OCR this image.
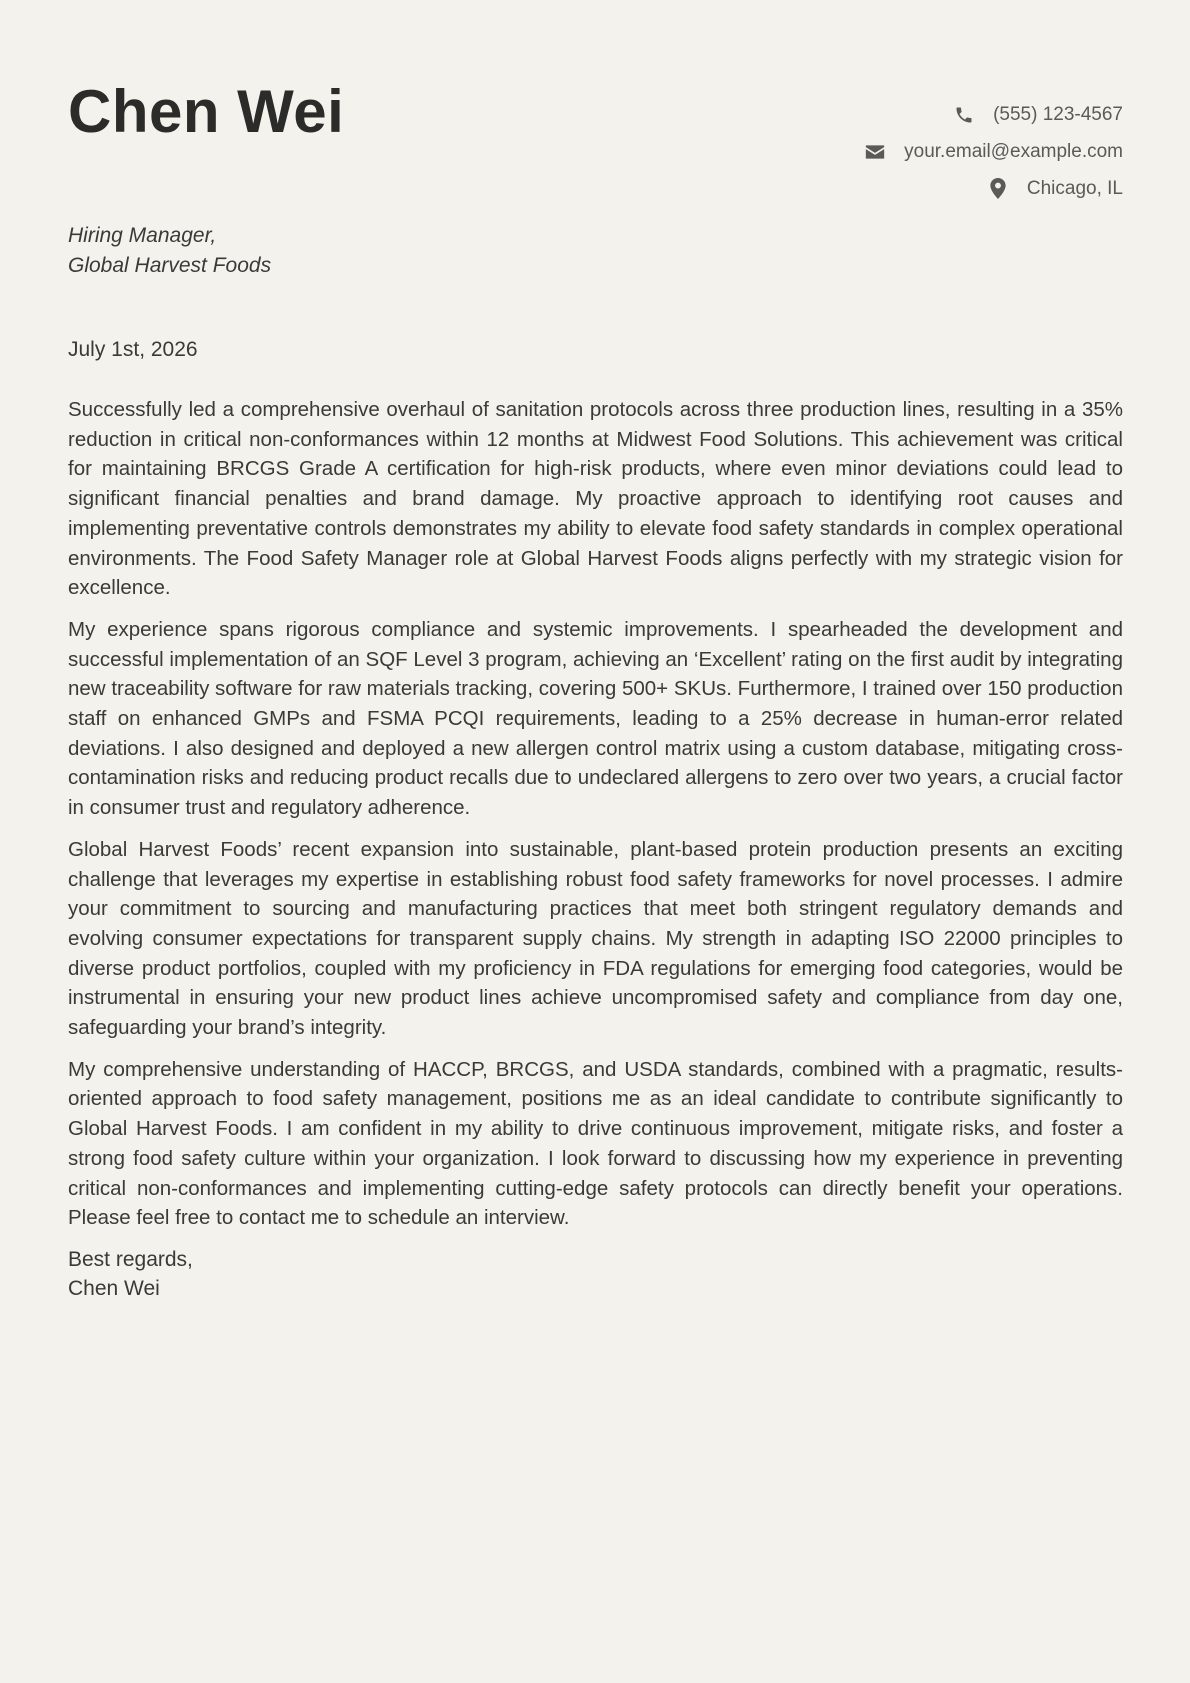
Chen Wei	(555) 123-4567
your.email@example.com
Chicago, IL
Hiring Manager,
Global Harvest Foods
July 1st, 2026

Successfully led a comprehensive overhaul of sanitation protocols across three production lines, resulting in a 35% reduction in critical non-conformances within 12 months at Midwest Food Solutions. This achievement was critical for maintaining BRCGS Grade A certification for high-risk products, where even minor deviations could lead to significant financial penalties and brand damage. My proactive approach to identifying root causes and implementing preventative controls demonstrates my ability to elevate food safety standards in complex operational environments. The Food Safety Manager role at Global Harvest Foods aligns perfectly with my strategic vision for excellence.

My experience spans rigorous compliance and systemic improvements. I spearheaded the development and successful implementation of an SQF Level 3 program, achieving an ‘Excellent’ rating on the first audit by integrating new traceability software for raw materials tracking, covering 500+ SKUs. Furthermore, I trained over 150 production staff on enhanced GMPs and FSMA PCQI requirements, leading to a 25% decrease in human-error related deviations. I also designed and deployed a new allergen control matrix using a custom database, mitigating cross-contamination risks and reducing product recalls due to undeclared allergens to zero over two years, a crucial factor in consumer trust and regulatory adherence.

Global Harvest Foods’ recent expansion into sustainable, plant-based protein production presents an exciting challenge that leverages my expertise in establishing robust food safety frameworks for novel processes. I admire your commitment to sourcing and manufacturing practices that meet both stringent regulatory demands and evolving consumer expectations for transparent supply chains. My strength in adapting ISO 22000 principles to diverse product portfolios, coupled with my proficiency in FDA regulations for emerging food categories, would be instrumental in ensuring your new product lines achieve uncompromised safety and compliance from day one, safeguarding your brand’s integrity.

My comprehensive understanding of HACCP, BRCGS, and USDA standards, combined with a pragmatic, results-oriented approach to food safety management, positions me as an ideal candidate to contribute significantly to Global Harvest Foods. I am confident in my ability to drive continuous improvement, mitigate risks, and foster a strong food safety culture within your organization. I look forward to discussing how my experience in preventing critical non-conformances and implementing cutting-edge safety protocols can directly benefit your operations. Please feel free to contact me to schedule an interview.

Best regards,
Chen Wei
